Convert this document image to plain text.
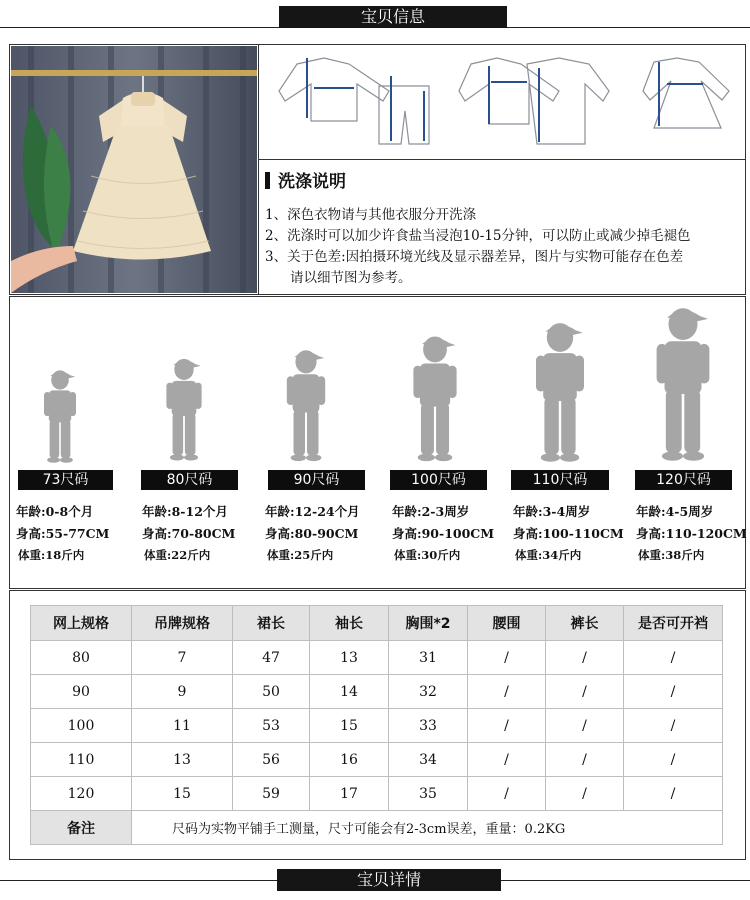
宝贝信息
洗涤说明
1、深色衣物请与其他衣服分开洗涤
2、洗涤时可以加少许食盐当浸泡10-15分钟，可以防止或减少掉毛褪色
3、关于色差:因拍摄环境光线及显示器差异，图片与实物可能存在色差
请以细节图为参考。
73尺码	80尺码	90尺码	100尺码	110尺码	120尺码
年龄:0-8个月
身高:55-77CM
体重:18斤内
年龄:8-12个月
身高:70-80CM
体重:22斤内
年龄:12-24个月
身高:80-90CM
体重:25斤内
年龄:2-3周岁
身高:90-100CM
体重:30斤内
年龄:3-4周岁
身高:100-110CM
体重:34斤内
年龄:4-5周岁
身高:110-120CM
体重:38斤内
网上规格	吊牌规格	裙长	袖长	胸围*2	腰围	裤长	是否可开裆
80	7	47	13	31	/	/	/
90	9	50	14	32	/	/	/
100	11	53	15	33	/	/	/
110	13	56	16	34	/	/	/
120	15	59	17	35	/	/	/
备注	尺码为实物平铺手工测量，尺寸可能会有2-3cm误差，重量：0.2KG						
宝贝详情
